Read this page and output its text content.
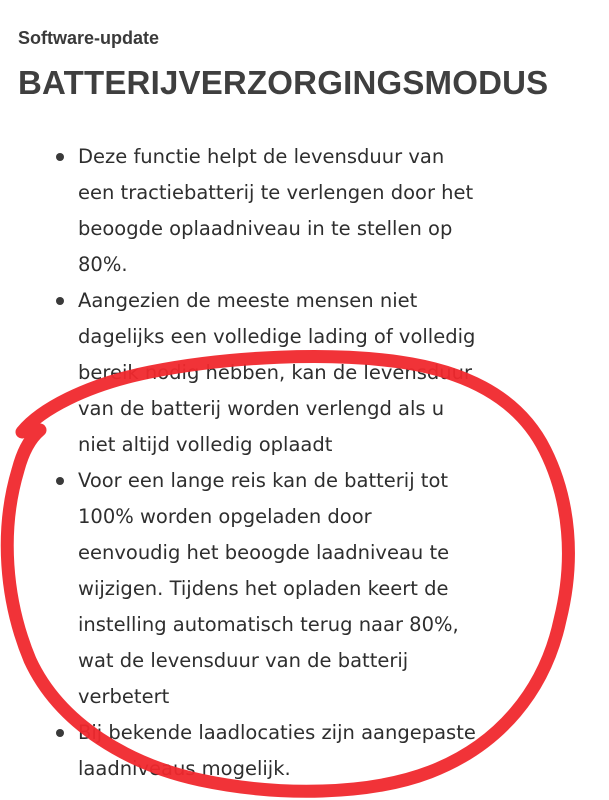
Software-update

BATTERIJVERZORGINGSMODUS
Deze functie helpt de levensduur van een tractiebatterij te verlengen door het beoogde oplaadniveau in te stellen op 80%.
Aangezien de meeste mensen niet dagelijks een volledige lading of volledig bereik nodig hebben, kan de levensduur van de batterij worden verlengd als u niet altijd volledig oplaadt
Voor een lange reis kan de batterij tot 100% worden opgeladen door eenvoudig het beoogde laadniveau te wijzigen. Tijdens het opladen keert de instelling automatisch terug naar 80%, wat de levensduur van de batterij verbetert
Bij bekende laadlocaties zijn aangepaste laadniveaus mogelijk.
